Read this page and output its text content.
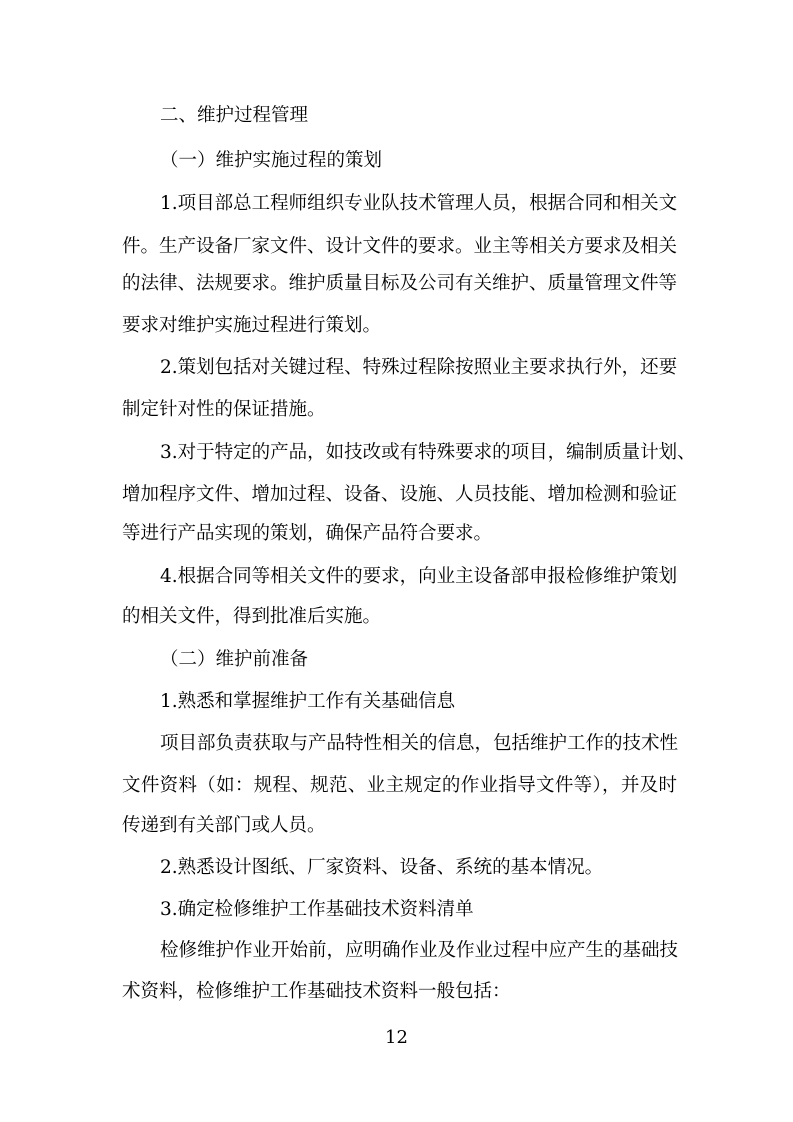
二、维护过程管理
（一）维护实施过程的策划
1.项目部总工程师组织专业队技术管理人员，根据合同和相关文
件。生产设备厂家文件、设计文件的要求。业主等相关方要求及相关
的法律、法规要求。维护质量目标及公司有关维护、质量管理文件等
要求对维护实施过程进行策划。
2.策划包括对关键过程、特殊过程除按照业主要求执行外，还要
制定针对性的保证措施。
3.对于特定的产品，如技改或有特殊要求的项目，编制质量计划、
增加程序文件、增加过程、设备、设施、人员技能、增加检测和验证
等进行产品实现的策划，确保产品符合要求。
4.根据合同等相关文件的要求，向业主设备部申报检修维护策划
的相关文件，得到批准后实施。
（二）维护前准备
1.熟悉和掌握维护工作有关基础信息
项目部负责获取与产品特性相关的信息，包括维护工作的技术性
文件资料（如：规程、规范、业主规定的作业指导文件等），并及时
传递到有关部门或人员。
2.熟悉设计图纸、厂家资料、设备、系统的基本情况。
3.确定检修维护工作基础技术资料清单
检修维护作业开始前，应明确作业及作业过程中应产生的基础技
术资料，检修维护工作基础技术资料一般包括：
12
